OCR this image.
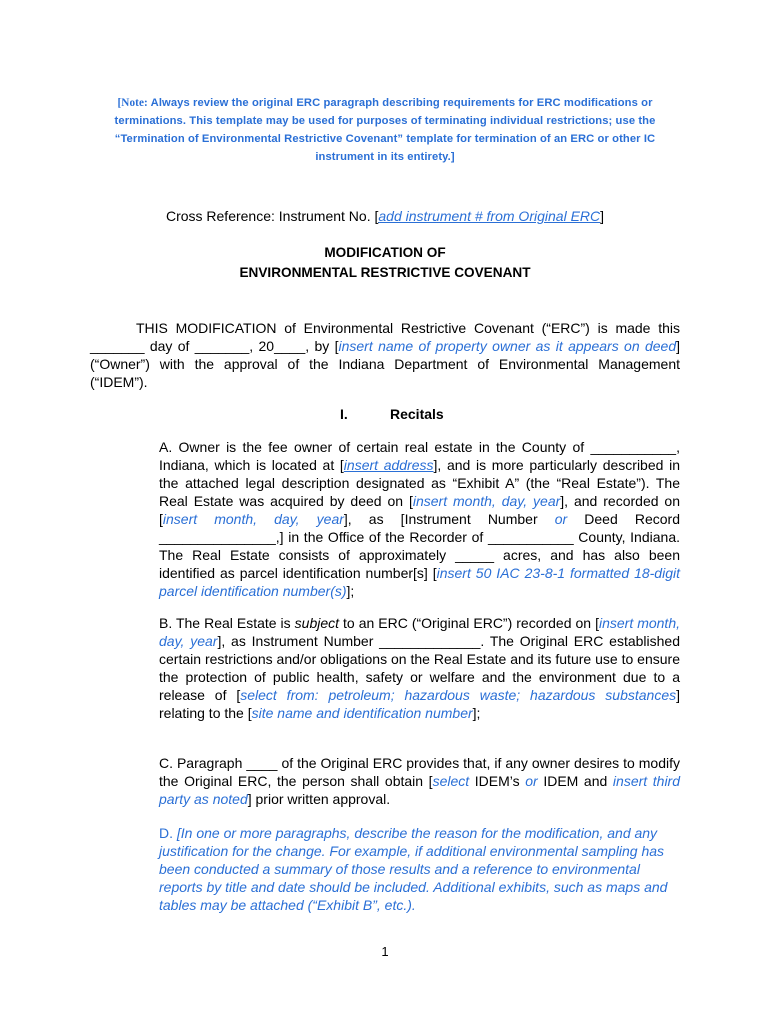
[Note: Always review the original ERC paragraph describing requirements for ERC modifications or terminations. This template may be used for purposes of terminating individual restrictions; use the “Termination of Environmental Restrictive Covenant” template for termination of an ERC or other IC instrument in its entirety.]
Cross Reference: Instrument No. [add instrument # from Original ERC]
MODIFICATION OF
ENVIRONMENTAL RESTRICTIVE COVENANT
THIS MODIFICATION of Environmental Restrictive Covenant (“ERC”) is made this _______ day of _______, 20____, by [insert name of property owner as it appears on deed] (“Owner”) with the approval of the Indiana Department of Environmental Management (“IDEM”).
I.	Recitals
A. Owner is the fee owner of certain real estate in the County of ___________, Indiana, which is located at [insert address], and is more particularly described in the attached legal description designated as “Exhibit A” (the “Real Estate”). The Real Estate was acquired by deed on [insert month, day, year], and recorded on [insert month, day, year], as [Instrument Number or Deed Record _______________,] in the Office of the Recorder of ___________ County, Indiana. The Real Estate consists of approximately _____ acres, and has also been identified as parcel identification number[s] [insert 50 IAC 23-8-1 formatted 18-digit parcel identification number(s)];
B. The Real Estate is subject to an ERC (“Original ERC”) recorded on [insert month, day, year], as Instrument Number _____________. The Original ERC established certain restrictions and/or obligations on the Real Estate and its future use to ensure the protection of public health, safety or welfare and the environment due to a release of [select from: petroleum; hazardous waste; hazardous substances] relating to the [site name and identification number];
C. Paragraph ____ of the Original ERC provides that, if any owner desires to modify the Original ERC, the person shall obtain [select IDEM’s or IDEM and insert third party as noted] prior written approval.
D. [In one or more paragraphs, describe the reason for the modification, and any justification for the change. For example, if additional environmental sampling has been conducted a summary of those results and a reference to environmental reports by title and date should be included. Additional exhibits, such as maps and tables may be attached (“Exhibit B”, etc.).
1
